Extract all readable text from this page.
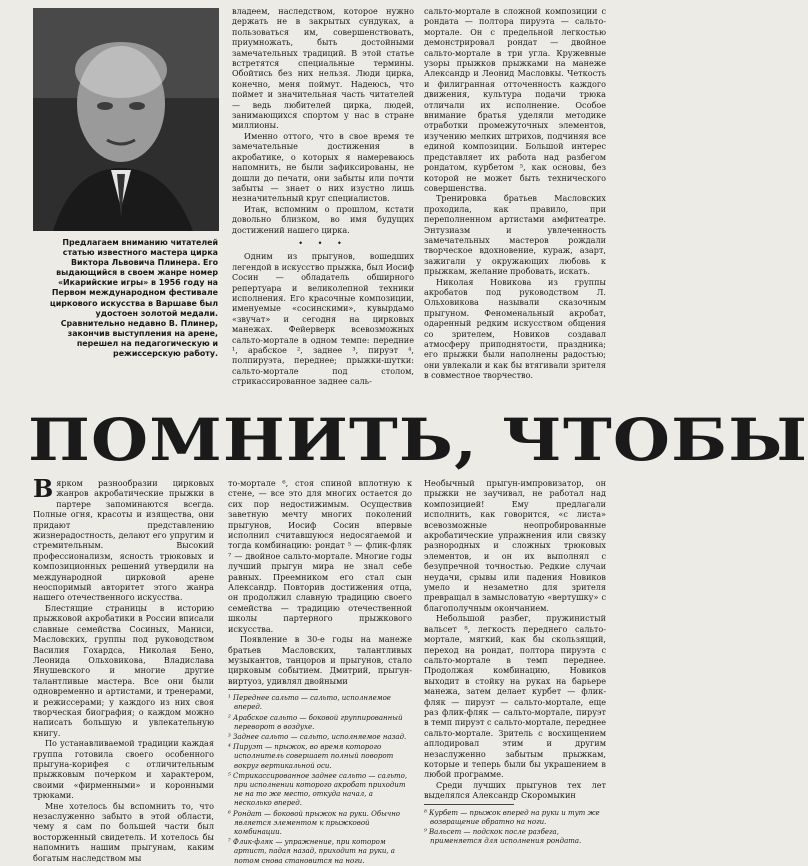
Предлагаем вниманию читателей статью известного мастера цирка Виктора Львовича Плинера. Его выдающийся в своем жанре номер «Икарийские игры» в 1956 году на Первом международном фестивале циркового искусства в Варшаве был удостоен золотой медали. Сравнительно недавно В. Плинер, закончив выступления на арене, перешел на педагогическую и режиссерскую работу.

владеем, наследством, которое нужно держать не в закрытых сундуках, а пользоваться им, совершенствовать, приумножать, быть достойными замечательных традиций. В этой статье встретятся специальные термины. Обойтись без них нельзя. Люди цирка, конечно, меня поймут. Надеюсь, что поймет и значительная часть читателей — ведь любителей цирка, людей, занимающихся спортом у нас в стране миллионы.

Именно оттого, что в свое время те замечательные достижения в акробатике, о которых я намереваюсь напомнить, не были зафиксированы, не дошли до печати, они забыты или почти забыты — знает о них изустно лишь незначительный круг специалистов.

Итак, вспомним о прошлом, кстати довольно близком, во имя будущих достижений нашего цирка.

• • •

Одним из прыгунов, вошедших легендой в искусство прыжка, был Иосиф Сосин — обладатель обширного репертуара и великолепной техники исполнения. Его красочные композиции, именуемые «сосинскими», кувырдамо «звучат» и сегодня на цирковых манежах. Фейерверк всевозможных сальто-мортале в одном темпе: передние ¹, арабское ², заднее ³, пируэт ⁴, полпируэта, переднее; прыжки-шутки: сальто-мортале под столом, стрикассированное заднее саль-

сальто-мортале в сложной композиции с рондата — полтора пируэта — сальто-мортале. Он с предельной легкостью демонстрировал рондат — двойное сальто-мортале в три угла. Кружевные узоры прыжков прыжками на манеже Александр и Леонид Масловкы. Четкость и филигранная отточенность каждого движения, культура подачи трюка отличали их исполнение. Особое внимание братья уделяли методике отработки промежуточных элементов, изучению мелких штрихов, подчиняя все единой композиции. Большой интерес представляет их работа над разбегом рондатом, курбетом ⁵, как основы, без которой не может быть технического совершенства.

Тренировка братьев Масловских проходила, как правило, при переполненном артистами амфитеатре. Энтузиазм и увлеченность замечательных мастеров рождали творческое вдохновение, кураж, азарт, зажигали у окружающих любовь к прыжкам, желание пробовать, искать.

Николая Новикова из группы акробатов под руководством Л. Ольховикова называли сказочным прыгуном. Феноменальный акробат, одаренный редким искусством общения со зрителем, Новиков создавал атмосферу приподнятости, праздника; его прыжки были наполнены радостью; они увлекали и как бы втягивали зрителя в совместное творчество.

ПОМНИТЬ, ЧТОБЫ
В ярком разнообразии цирковых жанров акробатические прыжки в партере запоминаются всегда. Полные огня, красоты и изящества, они придают представлению жизнерадостность, делают его упругим и стремительным. Высокий профессионализм, ясность трюковых и композиционных решений утвердили на международной цирковой арене неоспоримый авторитет этого жанра нашего отечественного искусства.

Блестящие страницы в историю прыжковой акробатики в России вписали славные семейства Сосиных, Маниси, Масловских, группы под руководством Василия Гохардса, Николая Бено, Леонида Ольховикова, Владислава Янушевского и многие другие талантливые мастера. Все они были одновременно и артистами, и тренерами, и режиссерами; у каждого из них своя творческая биография; о каждом можно написать большую и увлекательную книгу.

По устанавливаемой традиции каждая группа готовила своего особенного прыгуна-корифея с отличительным прыжковым почерком и характером, своими «фирменными» и коронными трюками.

Мне хотелось бы вспомнить то, что незаслуженно забыто в этой области, чему я сам по большей части был восторженный свидетель. И хотелось бы напомнить нашим прыгунам, каким богатым наследством мы

то-мортале ⁶, стоя спиной вплотную к стене, — все это для многих остается до сих пор недостижимым. Осуществив заветную мечту многих поколений прыгунов, Иосиф Сосин впервые исполнил считавшуюся недосягаемой и тогда комбинацию: рондат ⁵ — флик-фляк ⁷ — двойное сальто-мортале. Многие годы лучший прыгун мира не знал себе равных. Преемником его стал сын Александр. Повторив достижения отца, он продолжил славную традицию своего семейства — традицию отечественной школы партерного прыжкового искусства.

Появление в 30-е годы на манеже братьев Масловских, талантливых музыкантов, танцоров и прыгунов, стало цирковым событием. Дмитрий, прыгун-виртуоз, удивлял двойными

¹ Переднее сальто — сальто, исполняемое вперед.

² Арабское сальто — боковой группированный переворот в воздухе.

³ Заднее сальто — сальто, исполняемое назад.

⁴ Пируэт — прыжок, во время которого исполнитель совершает полный поворот вокруг вертикальной оси.

⁵ Стрикассированное заднее сальто — сальто, при исполнении которого акробат приходит не на то же место, откуда начал, а несколько вперед.

⁶ Рондат — боковой прыжок на руки. Обычно является элементом к прыжковой комбинации.

⁷ Флик-фляк — упражнение, при котором артист, падая назад, приходит на руки, а потом снова становится на ноги.

Необычный прыгун-импровизатор, он прыжки не заучивал, не работал над композицией! Ему предлагали исполнить, как говорится, «с листа» всевозможные неопробированные акробатические упражнения или связку разнородных и сложных трюковых элементов, и он их выполнял с безупречной точностью. Редкие случаи неудачи, срывы или падения Новиков умело и незаметно для зрителя превращал в замысловатую «вертушку» с благополучным окончанием.

Небольшой разбег, пружинистый вальсет ⁸, легкость переднего сальто-мортале, мягкий, как бы скользящий, переход на рондат, полтора пируэта с сальто-мортале в темп переднее. Продолжая комбинацию, Новиков выходит в стойку на руках на барьере манежа, затем делает курбет — флик-фляк — пируэт — сальто-мортале, еще раз флик-фляк — сальто-мортале, пируэт в темп пируэт с сальто-мортале, переднее сальто-мортале. Зритель с восхищением аплодировал этим и другим незаслуженно забытым прыжкам, которые и теперь были бы украшением в любой программе.

Среди лучших прыгунов тех лет выделялся Александр Скоромыкин

⁸ Курбет — прыжок вперед на руки и тут же возвращение обратно на ноги.

⁹ Вальсет — подскок после разбега, применяется для исполнения рондата.
